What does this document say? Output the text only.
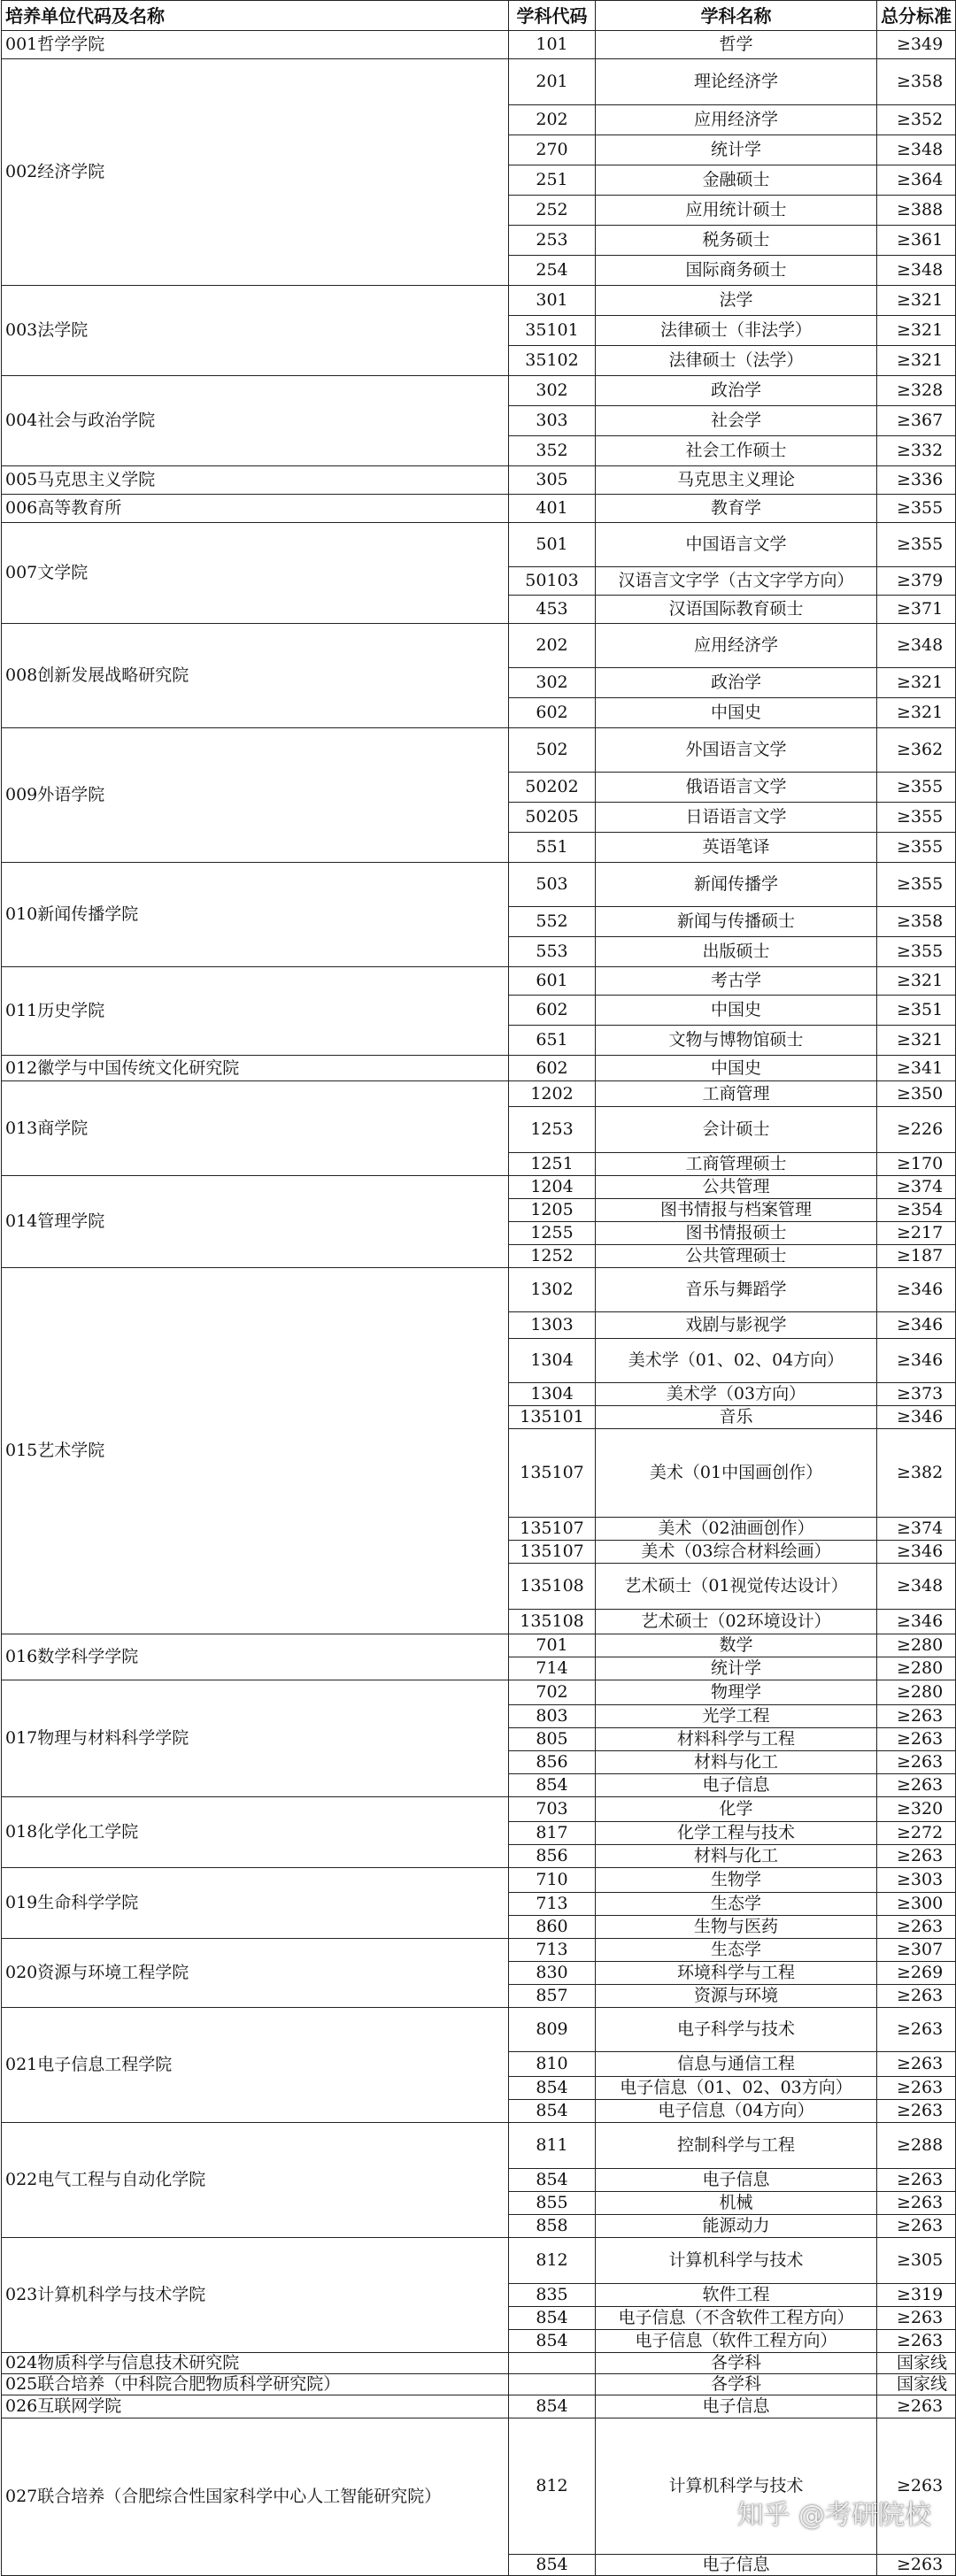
培养单位代码及名称	学科代码	学科名称	总分标准
001哲学学院	101	哲学	≥349
002经济学院	201	理论经济学	≥358
	202	应用经济学	≥352
	270	统计学	≥348
	251	金融硕士	≥364
	252	应用统计硕士	≥388
	253	税务硕士	≥361
	254	国际商务硕士	≥348
003法学院	301	法学	≥321
	35101	法律硕士（非法学）	≥321
	35102	法律硕士（法学）	≥321
004社会与政治学院	302	政治学	≥328
	303	社会学	≥367
	352	社会工作硕士	≥332
005马克思主义学院	305	马克思主义理论	≥336
006高等教育所	401	教育学	≥355
007文学院	501	中国语言文学	≥355
	50103	汉语言文字学（古文字学方向）	≥379
	453	汉语国际教育硕士	≥371
008创新发展战略研究院	202	应用经济学	≥348
	302	政治学	≥321
	602	中国史	≥321
009外语学院	502	外国语言文学	≥362
	50202	俄语语言文学	≥355
	50205	日语语言文学	≥355
	551	英语笔译	≥355
010新闻传播学院	503	新闻传播学	≥355
	552	新闻与传播硕士	≥358
	553	出版硕士	≥355
011历史学院	601	考古学	≥321
	602	中国史	≥351
	651	文物与博物馆硕士	≥321
012徽学与中国传统文化研究院	602	中国史	≥341
013商学院	1202	工商管理	≥350
	1253	会计硕士	≥226
	1251	工商管理硕士	≥170
014管理学院	1204	公共管理	≥374
	1205	图书情报与档案管理	≥354
	1255	图书情报硕士	≥217
	1252	公共管理硕士	≥187
015艺术学院	1302	音乐与舞蹈学	≥346
	1303	戏剧与影视学	≥346
	1304	美术学（01、02、04方向）	≥346
	1304	美术学（03方向）	≥373
	135101	音乐	≥346
	135107	美术（01中国画创作）	≥382
	135107	美术（02油画创作）	≥374
	135107	美术（03综合材料绘画）	≥346
	135108	艺术硕士（01视觉传达设计）	≥348
	135108	艺术硕士（02环境设计）	≥346
016数学科学学院	701	数学	≥280
	714	统计学	≥280
017物理与材料科学学院	702	物理学	≥280
	803	光学工程	≥263
	805	材料科学与工程	≥263
	856	材料与化工	≥263
	854	电子信息	≥263
018化学化工学院	703	化学	≥320
	817	化学工程与技术	≥272
	856	材料与化工	≥263
019生命科学学院	710	生物学	≥303
	713	生态学	≥300
	860	生物与医药	≥263
020资源与环境工程学院	713	生态学	≥307
	830	环境科学与工程	≥269
	857	资源与环境	≥263
021电子信息工程学院	809	电子科学与技术	≥263
	810	信息与通信工程	≥263
	854	电子信息（01、02、03方向）	≥263
	854	电子信息（04方向）	≥263
022电气工程与自动化学院	811	控制科学与工程	≥288
	854	电子信息	≥263
	855	机械	≥263
	858	能源动力	≥263
023计算机科学与技术学院	812	计算机科学与技术	≥305
	835	软件工程	≥319
	854	电子信息（不含软件工程方向）	≥263
	854	电子信息（软件工程方向）	≥263
024物质科学与信息技术研究院		各学科	国家线
025联合培养（中科院合肥物质科学研究院）		各学科	国家线
026互联网学院	854	电子信息	≥263
027联合培养（合肥综合性国家科学中心人工智能研究院）	812	计算机科学与技术	≥263
	854	电子信息	≥263
知乎 @考研院校
